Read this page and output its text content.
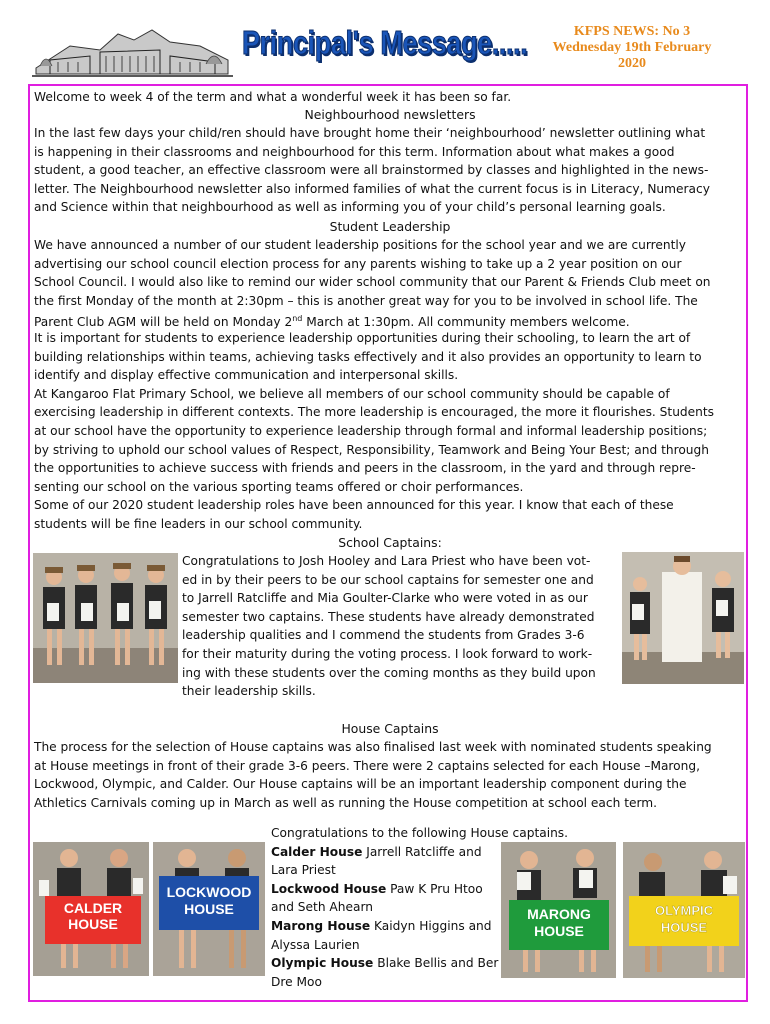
Principal's Message.....	KFPS NEWS: No 3
Wednesday 19th February
2020
Welcome to week 4 of the term and what a wonderful week it has been so far.
Neighbourhood newsletters
In the last few days your child/ren should have brought home their ‘neighbourhood’ newsletter outlining what
is happening in their classrooms and neighbourhood for this term. Information about what makes a good
student, a good teacher, an effective classroom were all brainstormed by classes and highlighted in the news-
letter. The Neighbourhood newsletter also informed families of what the current focus is in Literacy, Numeracy
and Science within that neighbourhood as well as informing you of your child’s personal learning goals.
Student Leadership
We have announced a number of our student leadership positions for the school year and we are currently
advertising our school council election process for any parents wishing to take up a 2 year position on our
School Council. I would also like to remind our wider school community that our Parent & Friends Club meet on
the first Monday of the month at 2:30pm – this is another great way for you to be involved in school life. The
Parent Club AGM will be held on Monday 2nd March at 1:30pm. All community members welcome.
It is important for students to experience leadership opportunities during their schooling, to learn the art of
building relationships within teams, achieving tasks effectively and it also provides an opportunity to learn to
identify and display effective communication and interpersonal skills.
At Kangaroo Flat Primary School, we believe all members of our school community should be capable of
exercising leadership in different contexts. The more leadership is encouraged, the more it flourishes. Students
at our school have the opportunity to experience leadership through formal and informal leadership positions;
by striving to uphold our school values of Respect, Responsibility, Teamwork and Being Your Best; and through
the opportunities to achieve success with friends and peers in the classroom, in the yard and through repre-
senting our school on the various sporting teams offered or choir performances.
Some of our 2020 student leadership roles have been announced for this year. I know that each of these
students will be fine leaders in our school community.
School Captains:
Congratulations to Josh Hooley and Lara Priest who have been vot-
ed in by their peers to be our school captains for semester one and
to Jarrell Ratcliffe and Mia Goulter-Clarke who were voted in as our
semester two captains. These students have already demonstrated
leadership qualities and I commend the students from Grades 3-6
for their maturity during the voting process. I look forward to work-
ing with these students over the coming months as they build upon
their leadership skills.
House Captains
The process for the selection of House captains was also finalised last week with nominated students speaking
at House meetings in front of their grade 3-6 peers. There were 2 captains selected for each House –Marong,
Lockwood, Olympic, and Calder. Our House captains will be an important leadership component during the
Athletics Carnivals coming up in March as well as running the House competition at school each term.
CALDER HOUSE
LOCKWOOD HOUSE
Congratulations to the following House captains.
Calder House Jarrell Ratcliffe and
Lara Priest
Lockwood House Paw K Pru Htoo
and Seth Ahearn
Marong House Kaidyn Higgins and
Alyssa Laurien
Olympic House Blake Bellis and Ber
Dre Moo
MARONG HOUSE
OLYMPIC HOUSE
